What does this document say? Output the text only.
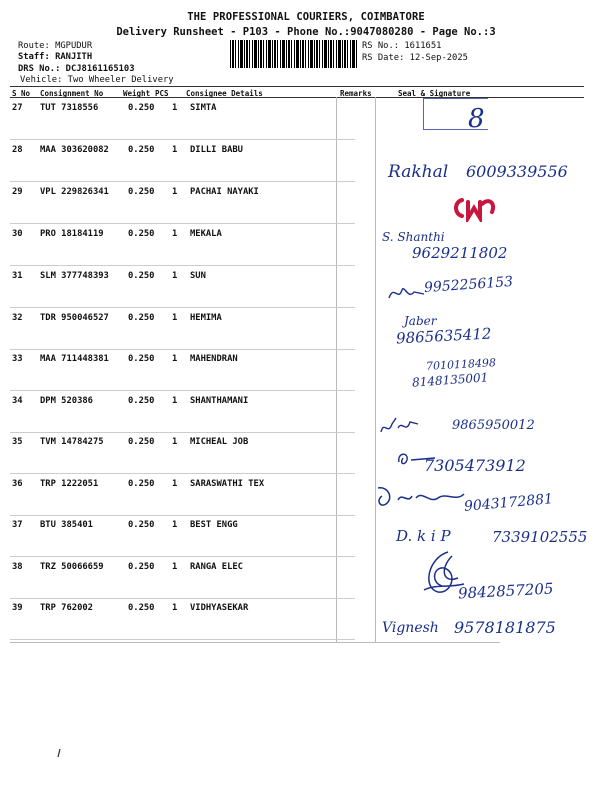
THE PROFESSIONAL COURIERS, COIMBATORE
Delivery Runsheet - P103 - Phone No.:9047080280 - Page No.:3
Route: MGPUDUR
Staff: RANJITH
DRS No.: DCJ8161165103
Vehicle: Two Wheeler Delivery
RS No.: 1611651
RS Date: 12-Sep-2025
S No Consignment No	Weight PCS Consignee Details	Remarks	Seal & Signature
27 TUT 7318556	0.250 1 SIMTA
28 MAA 303620082 0.250 1 DILLI BABU
29 VPL 229826341 0.250 1 PACHAI NAYAKI
30 PRO 18184119	0.250 1 MEKALA
31 SLM 377748393 0.250 1 SUN
32 TDR 950046527 0.250 1 HEMIMA
33 MAA 711448381 0.250 1 MAHENDRAN
34 DPM 520386	0.250 1 SHANTHAMANI
35 TVM 14784275	0.250 1 MICHEAL JOB
36 TRP 1222051	0.250 1 SARASWATHI TEX
37 BTU 385401	0.250 1 BEST ENGG
38 TRZ 50066659	0.250 1 RANGA ELEC
39 TRP 762002	0.250 1 VIDHYASEKAR
8
Rakhal 6009339556
S. Shanthi
9629211802
9952256153
Jaber
9865635412
7010118498
8148135001
9865950012
7305473912
9043172881
D. k i P	7339102555
9842857205
Vignesh 9578181875
